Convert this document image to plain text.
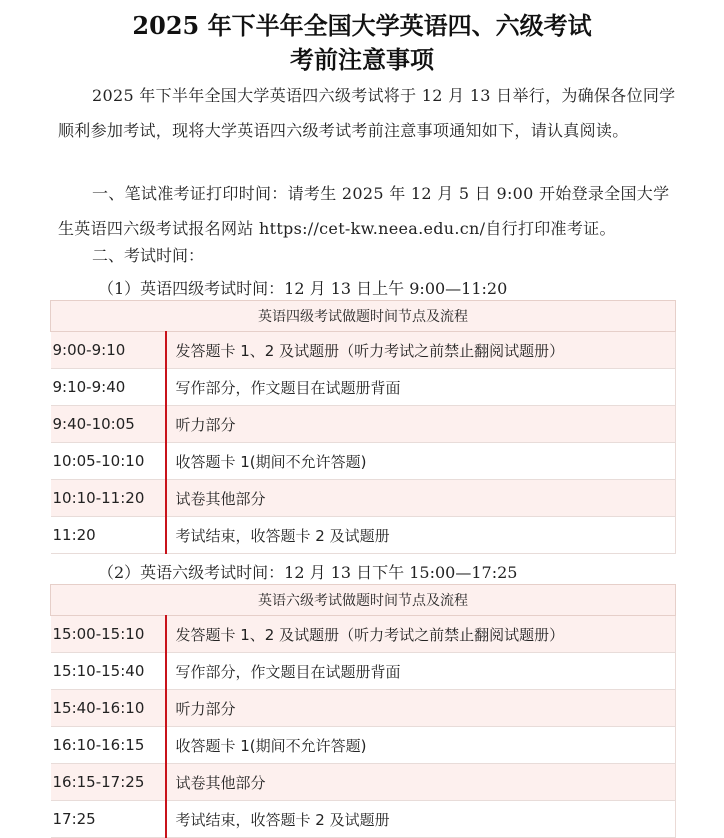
2025 年下半年全国大学英语四、六级考试
考前注意事项

2025 年下半年全国大学英语四六级考试将于 12 月 13 日举行，为确保各位同学顺利参加考试，现将大学英语四六级考试考前注意事项通知如下，请认真阅读。

一、笔试准考证打印时间：请考生 2025 年 12 月 5 日 9:00 开始登录全国大学生英语四六级考试报名网站 https://cet-kw.neea.edu.cn/自行打印准考证。

二、考试时间：

（1）英语四级考试时间：12 月 13 日上午 9:00—11:20

英语四级考试做题时间节点及流程	
9:00-9:10	发答题卡 1、2 及试题册（听力考试之前禁止翻阅试题册）
9:10-9:40	写作部分，作文题目在试题册背面
9:40-10:05	听力部分
10:05-10:10	收答题卡 1(期间不允许答题)
10:10-11:20	试卷其他部分
11:20	考试结束，收答题卡 2 及试题册

（2）英语六级考试时间：12 月 13 日下午 15:00—17:25

英语六级考试做题时间节点及流程	
15:00-15:10	发答题卡 1、2 及试题册（听力考试之前禁止翻阅试题册）
15:10-15:40	写作部分，作文题目在试题册背面
15:40-16:10	听力部分
16:10-16:15	收答题卡 1(期间不允许答题)
16:15-17:25	试卷其他部分
17:25	考试结束，收答题卡 2 及试题册
